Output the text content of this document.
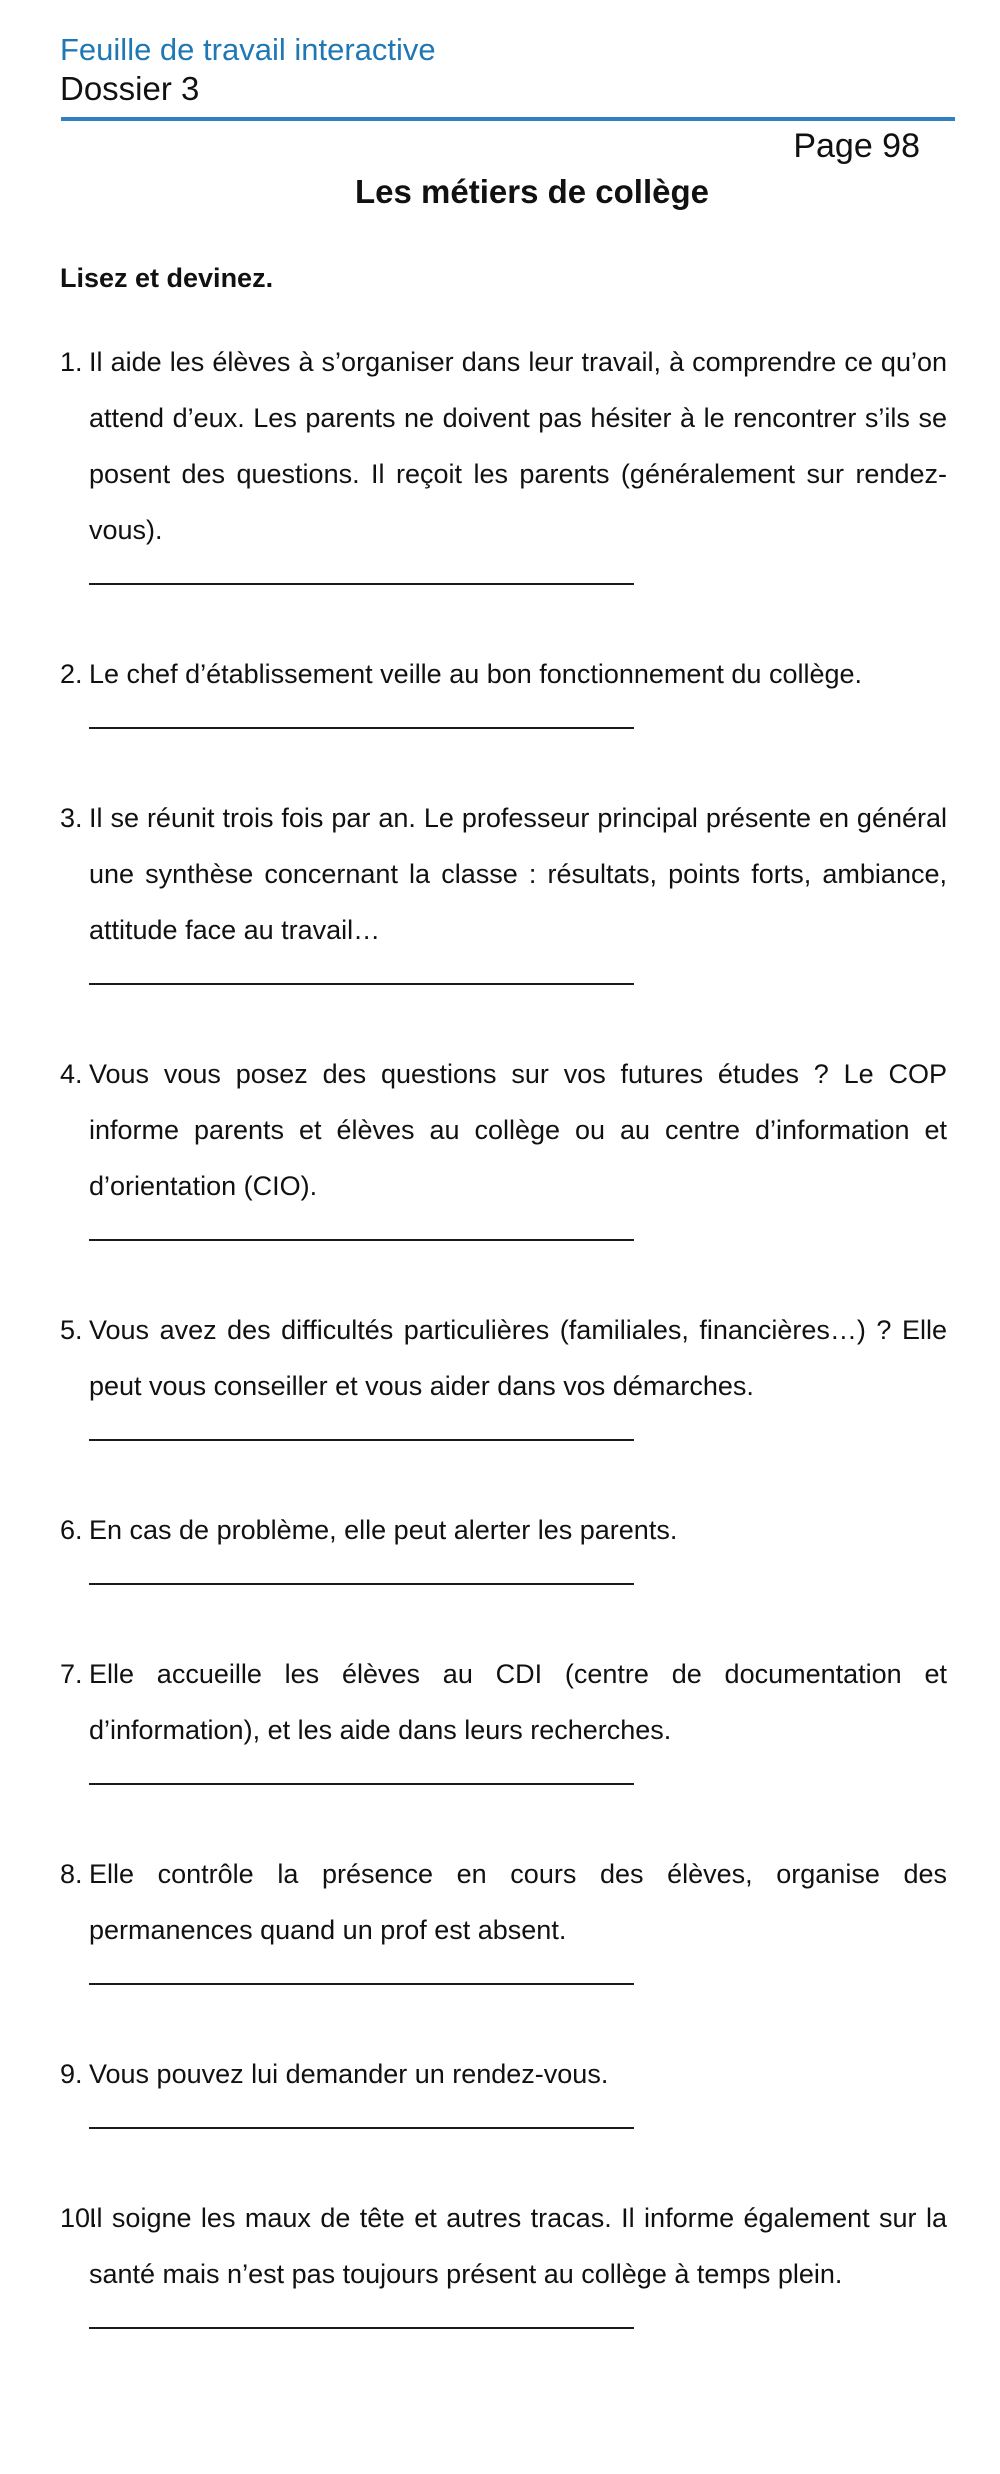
Feuille de travail interactive
Dossier 3
Page 98
Les métiers de collège
Lisez et devinez.
1. Il aide les élèves à s’organiser dans leur travail, à comprendre ce qu’on attend d’eux. Les parents ne doivent pas hésiter à le rencontrer s’ils se posent des questions. Il reçoit les parents (généralement sur rendez-vous).
2. Le chef d’établissement veille au bon fonctionnement du collège.
3. Il se réunit trois fois par an. Le professeur principal présente en général une synthèse concernant la classe : résultats, points forts, ambiance, attitude face au travail…
4. Vous vous posez des questions sur vos futures études ? Le COP informe parents et élèves au collège ou au centre d’information et d’orientation (CIO).
5. Vous avez des difficultés particulières (familiales, financières…) ? Elle peut vous conseiller et vous aider dans vos démarches.
6. En cas de problème, elle peut alerter les parents.
7. Elle accueille les élèves au CDI (centre de documentation et d’information), et les aide dans leurs recherches.
8. Elle contrôle la présence en cours des élèves, organise des permanences quand un prof est absent.
9. Vous pouvez lui demander un rendez-vous.
10.
Il soigne les maux de tête et autres tracas. Il informe également sur la santé mais n’est pas toujours présent au collège à temps plein.
